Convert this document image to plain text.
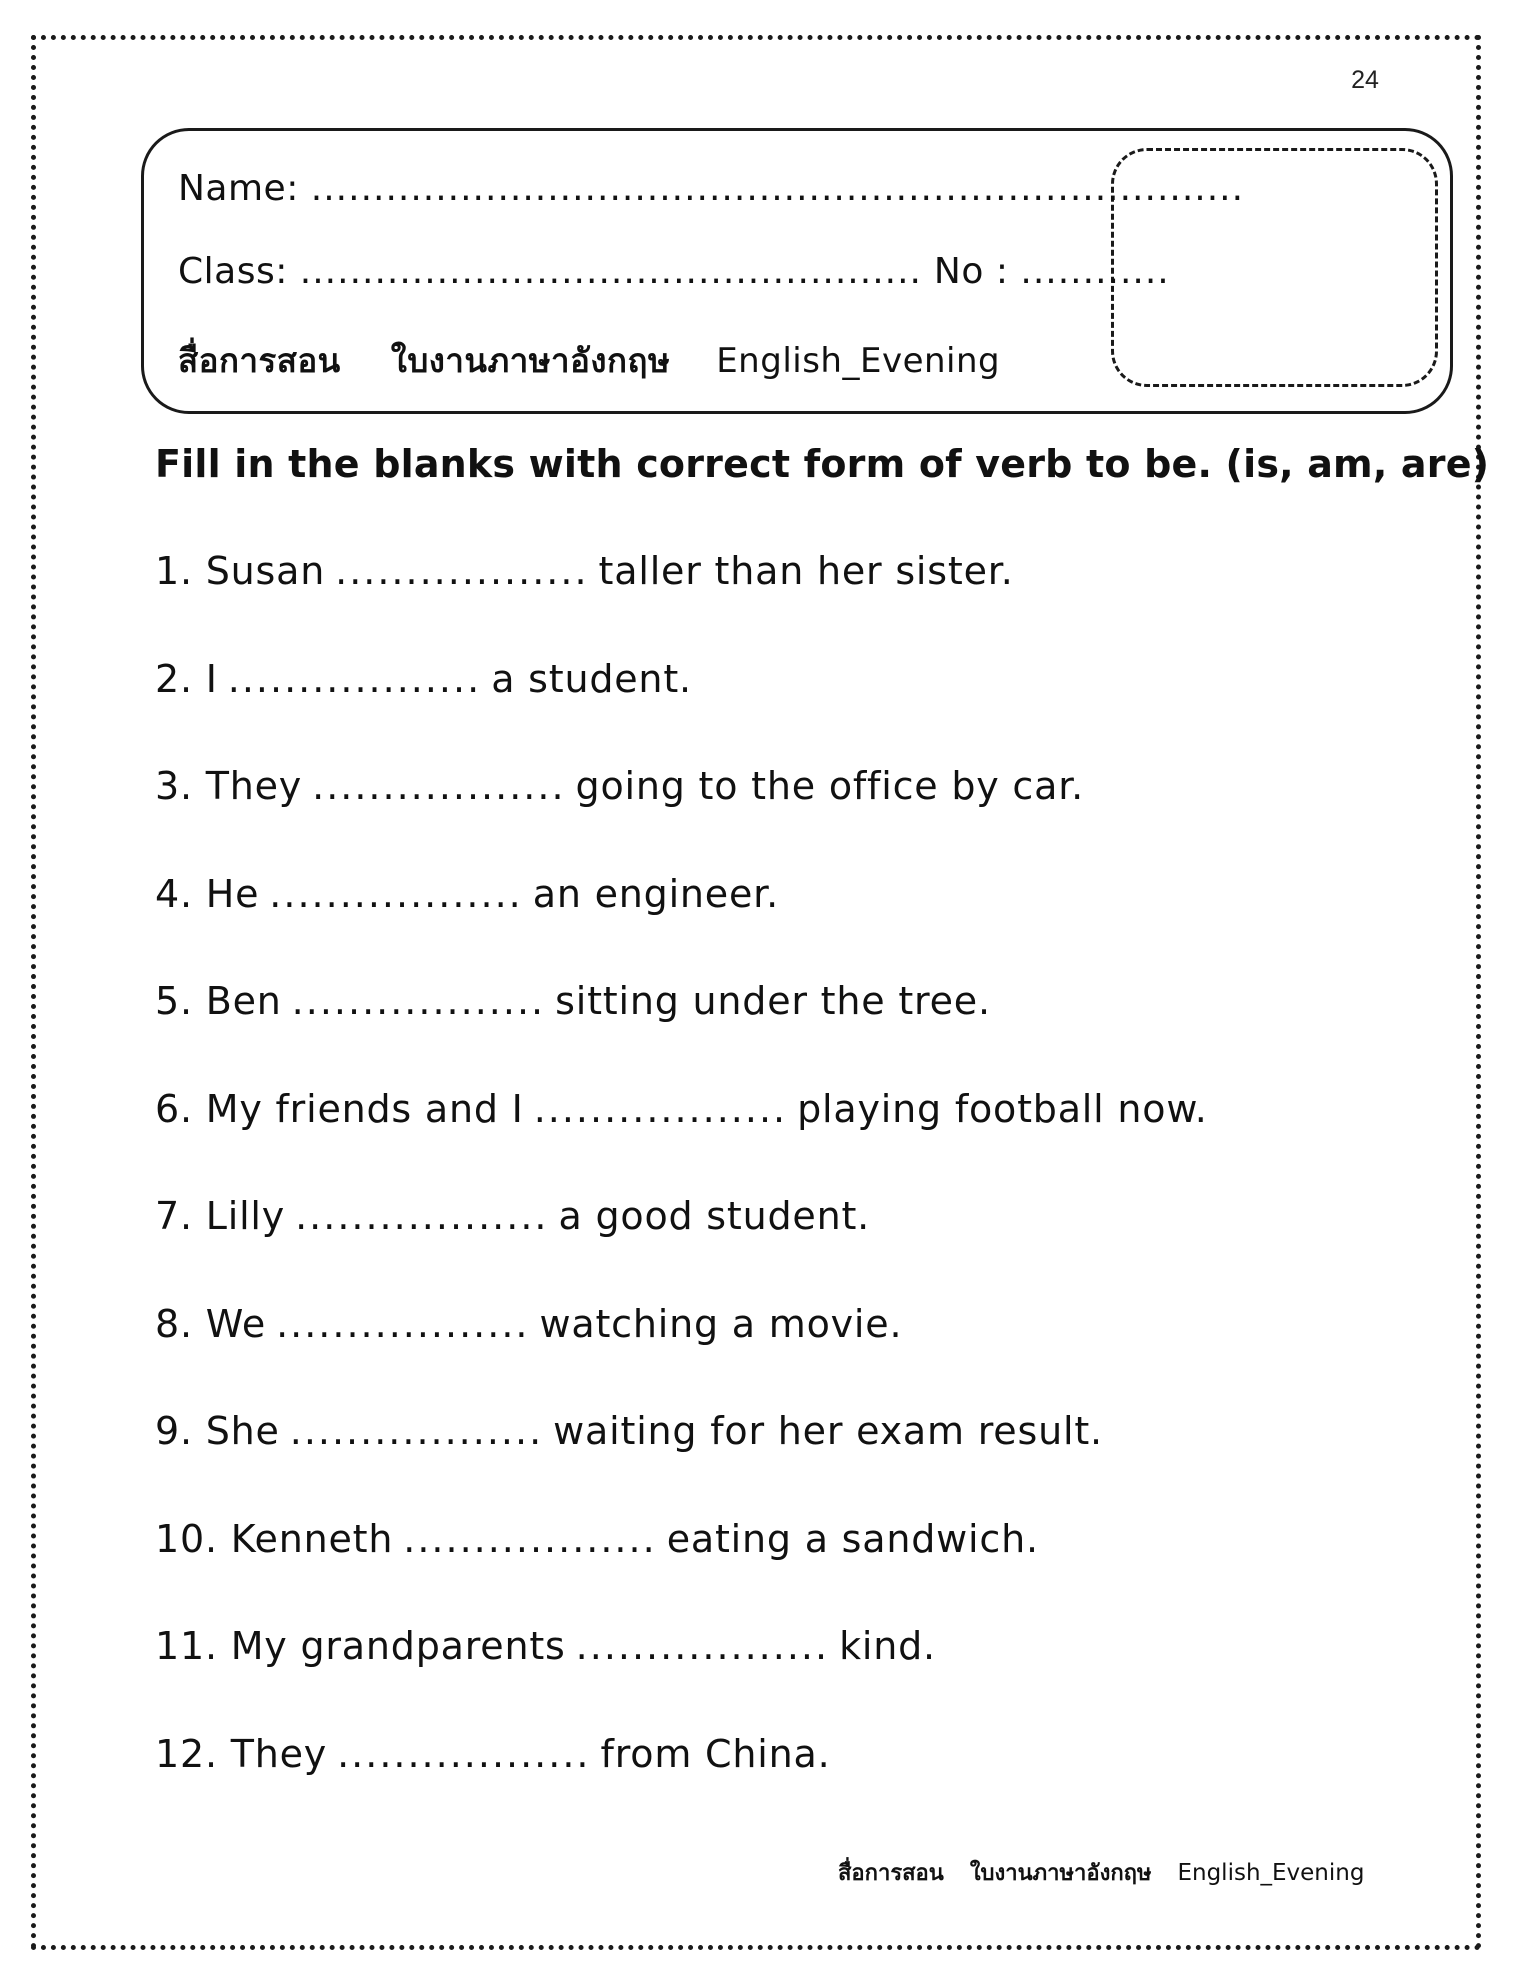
24
Name: ...........................................................................
Class: .................................................. No : ............
สื่อการสอน ใบงานภาษาอังกฤษ English_Evening
Fill in the blanks with correct form of verb to be. (is, am, are)
1. Susan .................. taller than her sister.
2. I .................. a student.
3. They .................. going to the office by car.
4. He .................. an engineer.
5. Ben .................. sitting under the tree.
6. My friends and I .................. playing football now.
7. Lilly .................. a good student.
8. We .................. watching a movie.
9. She .................. waiting for her exam result.
10. Kenneth .................. eating a sandwich.
11. My grandparents .................. kind.
12. They .................. from China.
สื่อการสอน ใบงานภาษาอังกฤษ English_Evening
